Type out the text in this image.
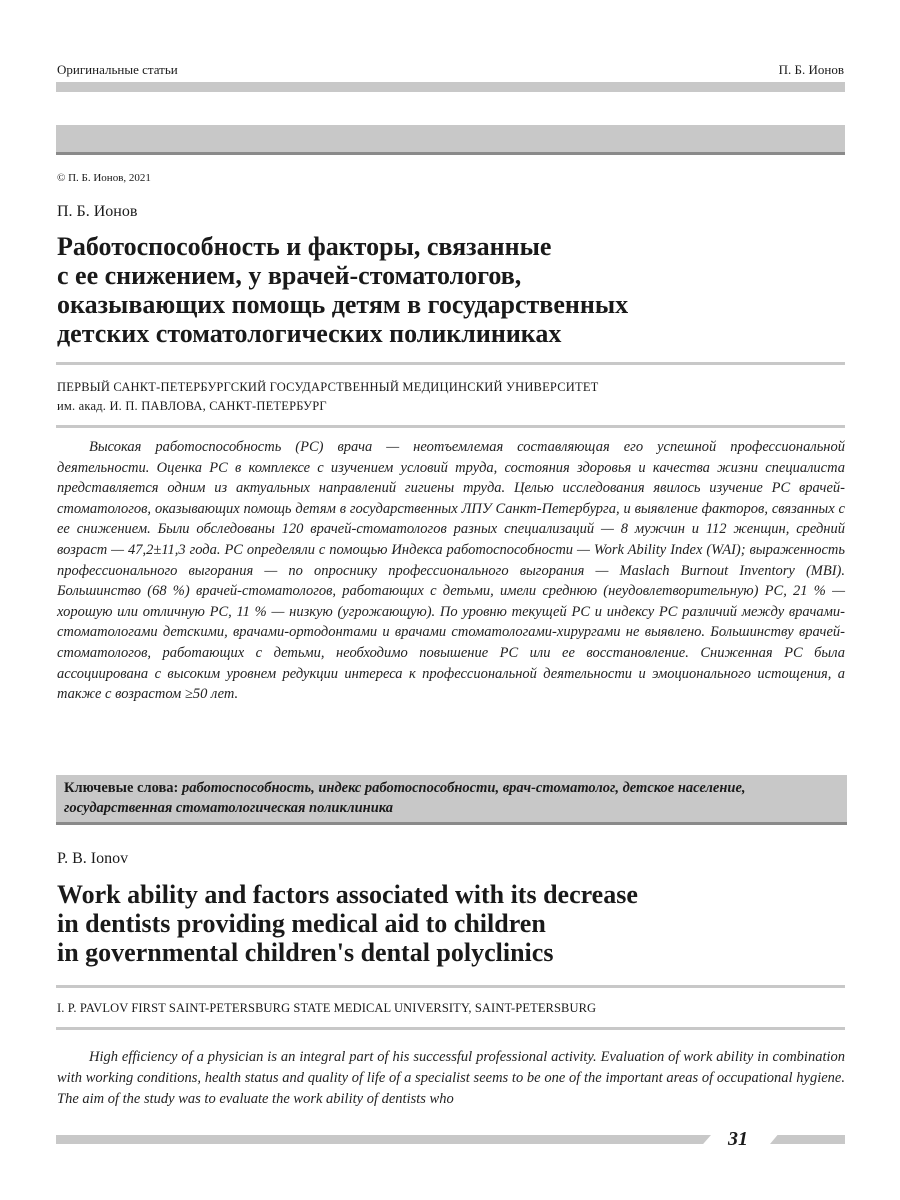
Оригинальные статьи	П. Б. Ионов
© П. Б. Ионов, 2021
П. Б. Ионов
Работоспособность и факторы, связанные
с ее снижением, у врачей-стоматологов,
оказывающих помощь детям в государственных
детских стоматологических поликлиниках
ПЕРВЫЙ САНКТ-ПЕТЕРБУРГСКИЙ ГОСУДАРСТВЕННЫЙ МЕДИЦИНСКИЙ УНИВЕРСИТЕТ
им. акад. И. П. ПАВЛОВА, САНКТ-ПЕТЕРБУРГ

Высокая работоспособность (РС) врача — неотъемлемая составляющая его успешной профессиональной деятельности. Оценка РС в комплексе с изучением условий труда, состояния здоровья и качества жизни специалиста представляется одним из актуальных направлений гигиены труда. Целью исследования явилось изучение РС врачей-стоматологов, оказывающих помощь детям в государственных ЛПУ Санкт-Петербурга, и выявление факторов, связанных с ее снижением. Были обследованы 120 врачей-стоматологов разных специализаций — 8 мужчин и 112 женщин, средний возраст — 47,2±11,3 года. РС определяли с помощью Индекса работоспособности — Work Ability Index (WAI); выраженность профессионального выгорания — по опроснику профессионального выгорания — Maslach Burnout Inventory (MBI). Большинство (68 %) врачей-стоматологов, работающих с детьми, имели среднюю (неудовлетворительную) РС, 21 % — хорошую или отличную РС, 11 % — низкую (угрожающую). По уровню текущей РС и индексу РС различий между врачами-стоматологами детскими, врачами-ортодонтами и врачами стоматологами-хирургами не выявлено. Большинству врачей-стоматологов, работающих с детьми, необходимо повышение РС или ее восстановление. Сниженная РС была ассоциирована с высоким уровнем редукции интереса к профессиональной деятельности и эмоционального истощения, а также с возрастом ≥50 лет.

Ключевые слова: работоспособность, индекс работоспособности, врач-стоматолог, детское население, государственная стоматологическая поликлиника
P. B. Ionov
Work ability and factors associated with its decrease
in dentists providing medical aid to children
in governmental children's dental polyclinics
I. P. PAVLOV FIRST SAINT-PETERSBURG STATE MEDICAL UNIVERSITY, SAINT-PETERSBURG

High efficiency of a physician is an integral part of his successful professional activity. Evaluation of work ability in combination with working conditions, health status and quality of life of a specialist seems to be one of the important areas of occupational hygiene. The aim of the study was to evaluate the work ability of dentists who

31
